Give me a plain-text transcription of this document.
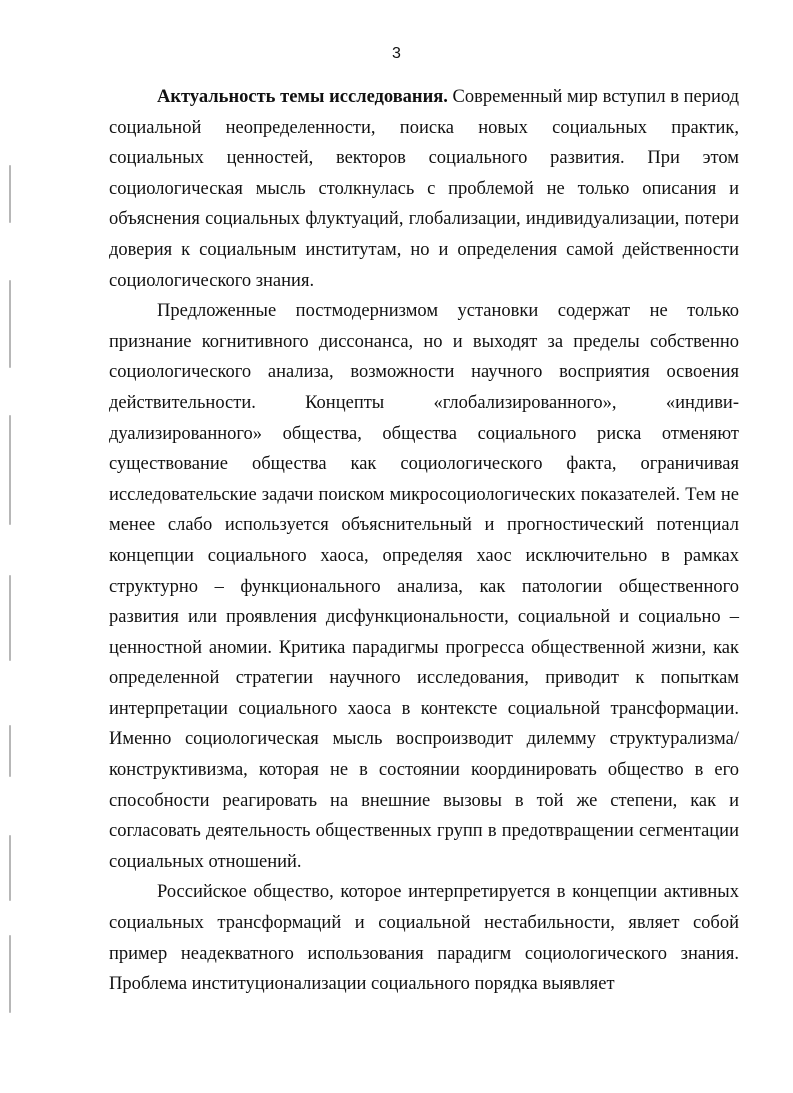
3

Актуальность темы исследования. Современный мир вступил в период социальной неопределенности, поиска новых социальных практик, социальных ценностей, векторов социального развития. При этом социологическая мысль столкнулась с проблемой не только описания и объяснения социальных флуктуаций, глобализации, индивидуализации, потери доверия к социальным институтам, но и определения самой действенности социологического знания.

Предложенные постмодернизмом установки содержат не только признание когнитивного диссонанса, но и выходят за пределы собственно социологического анализа, возможности научного восприятия освоения действительности. Концепты «глобализированного», «индиви-дуализированного» общества, общества социального риска отменяют существование общества как социологического факта, ограничивая исследовательские задачи поиском микросоциологических показателей. Тем не менее слабо используется объяснительный и прогностический потенциал концепции социального хаоса, определяя хаос исключительно в рамках структурно – функционального анализа, как патологии общественного развития или проявления дисфункциональности, социальной и социально – ценностной аномии. Критика парадигмы прогресса общественной жизни, как определенной стратегии научного исследования, приводит к попыткам интерпретации социального хаоса в контексте социальной трансформации. Именно социологическая мысль воспроизводит дилемму структурализма/конструктивизма, которая не в состоянии координировать общество в его способности реагировать на внешние вызовы в той же степени, как и согласовать деятельность общественных групп в предотвращении сегментации социальных отношений.

Российское общество, которое интерпретируется в концепции активных социальных трансформаций и социальной нестабильности, являет собой пример неадекватного использования парадигм социологического знания. Проблема институционализации социального порядка выявляет
